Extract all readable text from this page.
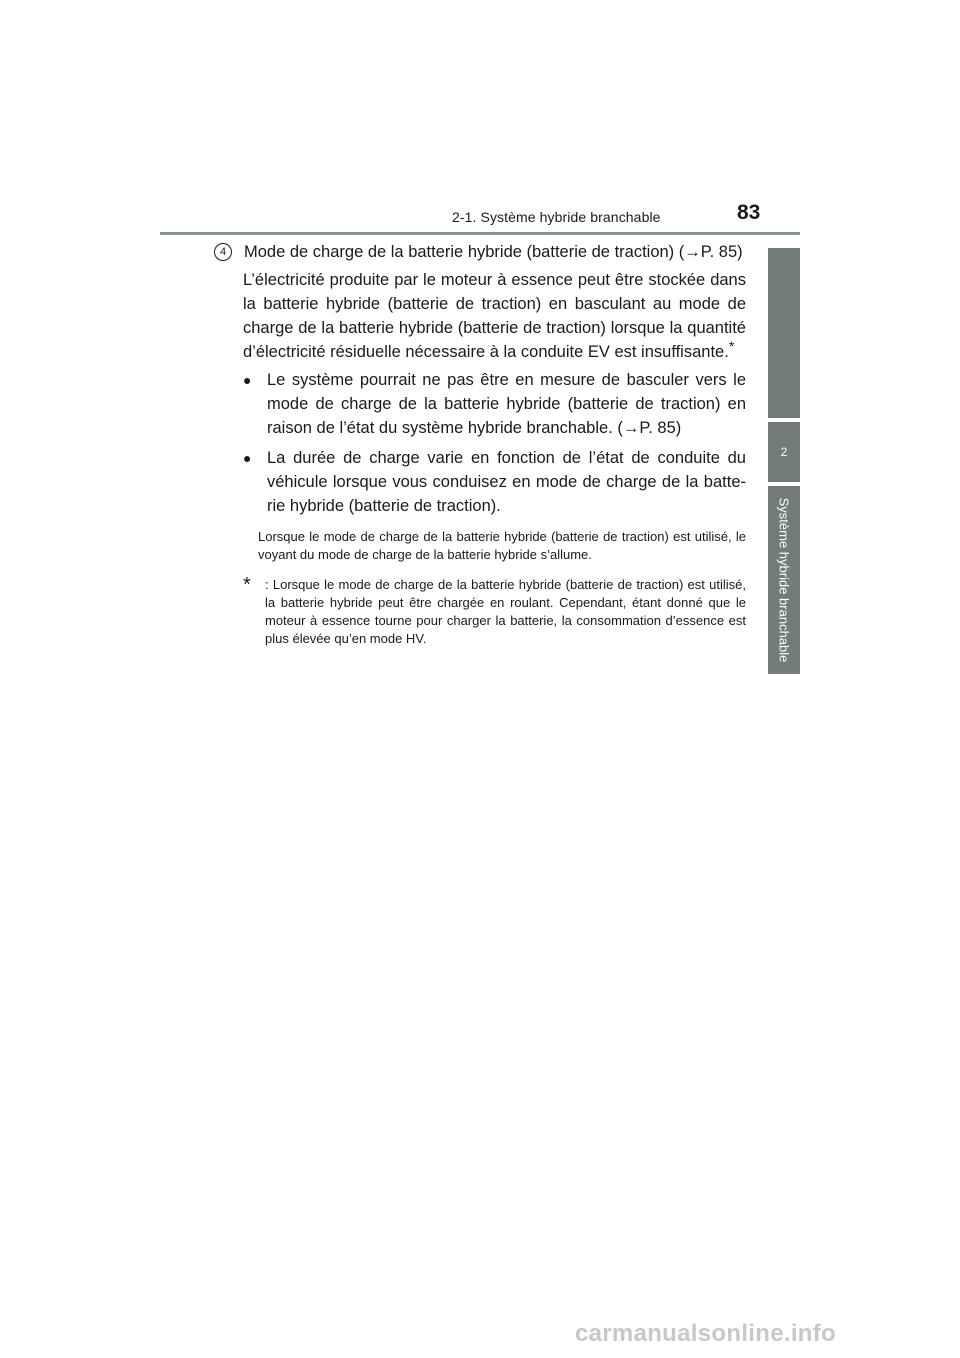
2-1. Système hybride branchable	83
2
Système hybride branchable
4	Mode de charge de la batterie hybride (batterie de traction) (→P. 85)

L’électricité produite par le moteur à essence peut être stockée dans la batterie hybride (batterie de traction) en basculant au mode de charge de la batterie hybride (batterie de traction) lorsque la quantité d’électricité résiduelle nécessaire à la conduite EV est insuffisante.*

● Le système pourrait ne pas être en mesure de basculer vers le mode de charge de la batterie hybride (batterie de traction) en raison de l’état du système hybride branchable. (→P. 85)
● La durée de charge varie en fonction de l’état de conduite du véhicule lorsque vous conduisez en mode de charge de la batte-rie hybride (batterie de traction).

Lorsque le mode de charge de la batterie hybride (batterie de traction) est utilisé, le voyant du mode de charge de la batterie hybride s’allume.

*	: Lorsque le mode de charge de la batterie hybride (batterie de traction) est utilisé, la batterie hybride peut être chargée en roulant. Cependant, étant donné que le moteur à essence tourne pour charger la batterie, la consommation d’essence est plus élevée qu’en mode HV.
carmanualsonline.info
